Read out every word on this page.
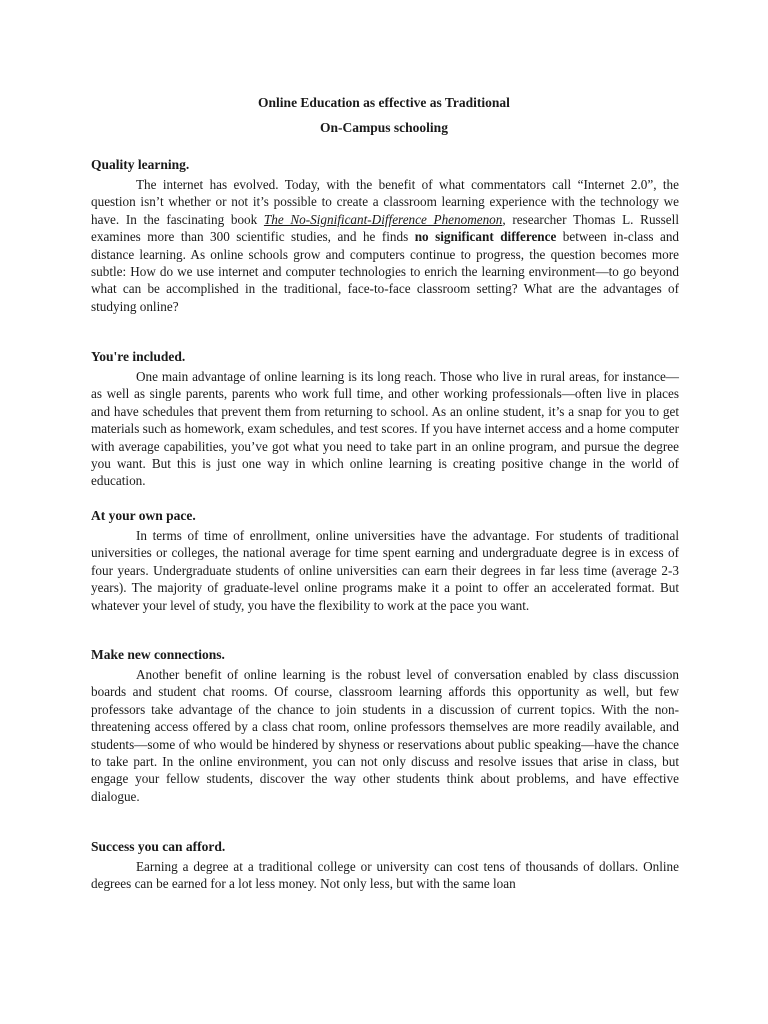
Online Education as effective as Traditional
On-Campus schooling
Quality learning.

The internet has evolved. Today, with the benefit of what commentators call “Internet 2.0”, the question isn’t whether or not it’s possible to create a classroom learning experience with the technology we have. In the fascinating book The No-Significant-Difference Phenomenon, researcher Thomas L. Russell examines more than 300 scientific studies, and he finds no significant difference between in-class and distance learning. As online schools grow and computers continue to progress, the question becomes more subtle: How do we use internet and computer technologies to enrich the learning environment—to go beyond what can be accomplished in the traditional, face-to-face classroom setting? What are the advantages of studying online?

You're included.

One main advantage of online learning is its long reach. Those who live in rural areas, for instance—as well as single parents, parents who work full time, and other working professionals—often live in places and have schedules that prevent them from returning to school. As an online student, it’s a snap for you to get materials such as homework, exam schedules, and test scores. If you have internet access and a home computer with average capabilities, you’ve got what you need to take part in an online program, and pursue the degree you want. But this is just one way in which online learning is creating positive change in the world of education.

At your own pace.

In terms of time of enrollment, online universities have the advantage. For students of traditional universities or colleges, the national average for time spent earning and undergraduate degree is in excess of four years. Undergraduate students of online universities can earn their degrees in far less time (average 2-3 years). The majority of graduate-level online programs make it a point to offer an accelerated format. But whatever your level of study, you have the flexibility to work at the pace you want.

Make new connections.

Another benefit of online learning is the robust level of conversation enabled by class discussion boards and student chat rooms. Of course, classroom learning affords this opportunity as well, but few professors take advantage of the chance to join students in a discussion of current topics. With the non-threatening access offered by a class chat room, online professors themselves are more readily available, and students—some of who would be hindered by shyness or reservations about public speaking—have the chance to take part. In the online environment, you can not only discuss and resolve issues that arise in class, but engage your fellow students, discover the way other students think about problems, and have effective dialogue.

Success you can afford.

Earning a degree at a traditional college or university can cost tens of thousands of dollars. Online degrees can be earned for a lot less money. Not only less, but with the same loan
